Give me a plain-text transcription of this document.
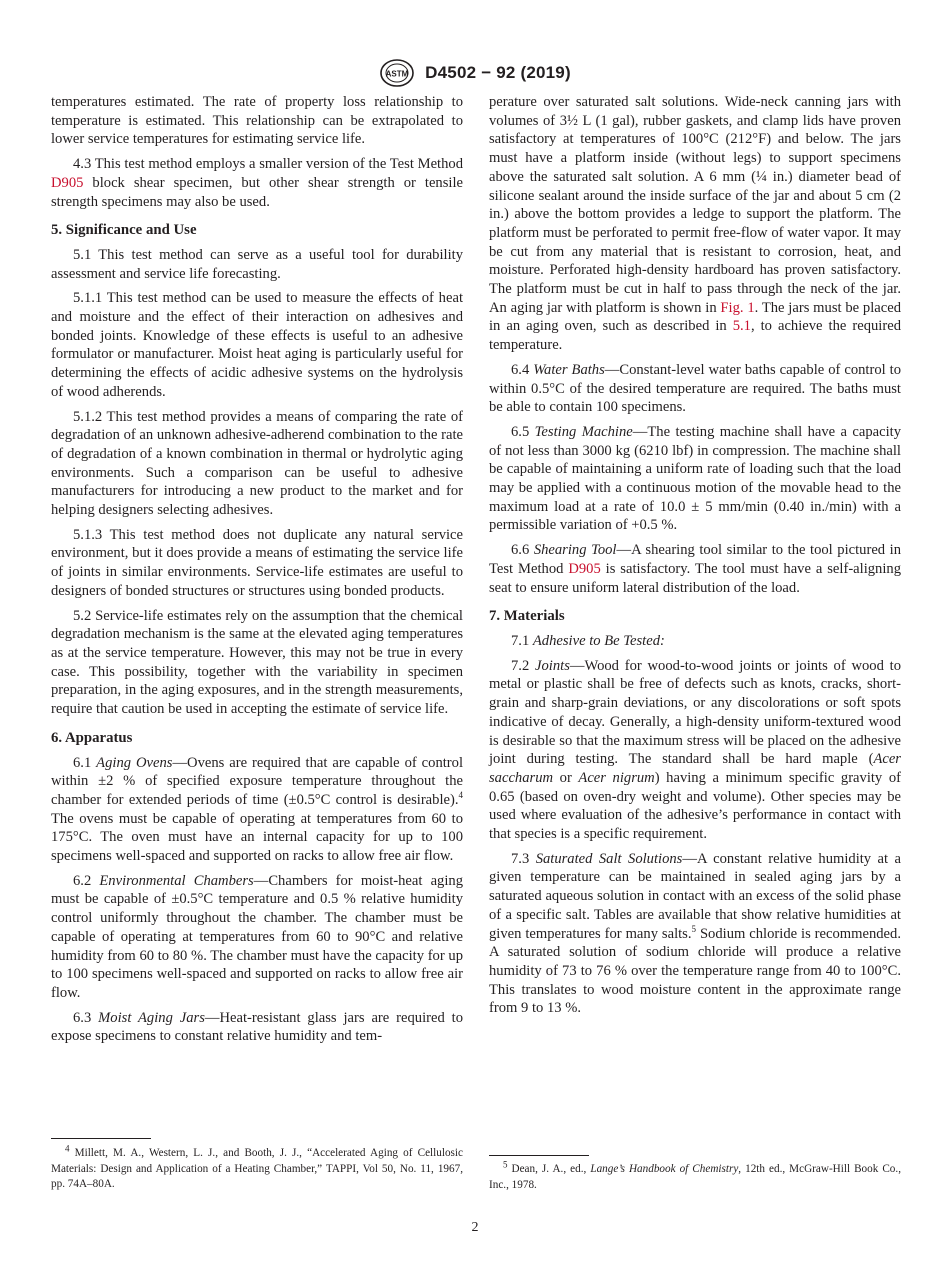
ASTM D4502 − 92 (2019)

temperatures estimated. The rate of property loss relationship to temperature is estimated. This relationship can be extrapolated to lower service temperatures for estimating service life.

4.3 This test method employs a smaller version of the Test Method D905 block shear specimen, but other shear strength or tensile strength specimens may also be used.

5. Significance and Use

5.1 This test method can serve as a useful tool for durability assessment and service life forecasting.

5.1.1 This test method can be used to measure the effects of heat and moisture and the effect of their interaction on adhesives and bonded joints. Knowledge of these effects is useful to an adhesive formulator or manufacturer. Moist heat aging is particularly useful for determining the effects of acidic adhesive systems on the hydrolysis of wood adherends.

5.1.2 This test method provides a means of comparing the rate of degradation of an unknown adhesive-adherend combination to the rate of degradation of a known combination in thermal or hydrolytic aging environments. Such a comparison can be useful to adhesive manufacturers for introducing a new product to the market and for helping designers selecting adhesives.

5.1.3 This test method does not duplicate any natural service environment, but it does provide a means of estimating the service life of joints in similar environments. Service-life estimates are useful to designers of bonded structures or structures using bonded products.

5.2 Service-life estimates rely on the assumption that the chemical degradation mechanism is the same at the elevated aging temperatures as at the service temperature. However, this may not be true in every case. This possibility, together with the variability in specimen preparation, in the aging exposures, and in the strength measurements, require that caution be used in accepting the estimate of service life.

6. Apparatus

6.1 Aging Ovens—Ovens are required that are capable of control within ±2 % of specified exposure temperature throughout the chamber for extended periods of time (±0.5°C control is desirable).$^4$ The ovens must be capable of operating at temperatures from 60 to 175°C. The oven must have an internal capacity for up to 100 specimens well-spaced and supported on racks to allow free air flow.

6.2 Environmental Chambers—Chambers for moist-heat aging must be capable of ±0.5°C temperature and 0.5 % relative humidity control uniformly throughout the chamber. The chamber must be capable of operating at temperatures from 60 to 90°C and relative humidity from 60 to 80 %. The chamber must have the capacity for up to 100 specimens well-spaced and supported on racks to allow free air flow.

6.3 Moist Aging Jars—Heat-resistant glass jars are required to expose specimens to constant relative humidity and tem-

$^4$ Millett, M. A., Western, L. J., and Booth, J. J., “Accelerated Aging of Cellulosic Materials: Design and Application of a Heating Chamber,” TAPPI, Vol 50, No. 11, 1967, pp. 74A–80A.

perature over saturated salt solutions. Wide-neck canning jars with volumes of 3½ L (1 gal), rubber gaskets, and clamp lids have proven satisfactory at temperatures of 100°C (212°F) and below. The jars must have a platform inside (without legs) to support specimens above the saturated salt solution. A 6 mm (¼ in.) diameter bead of silicone sealant around the inside surface of the jar and about 5 cm (2 in.) above the bottom provides a ledge to support the platform. The platform must be perforated to permit free-flow of water vapor. It may be cut from any material that is resistant to corrosion, heat, and moisture. Perforated high-density hardboard has proven satisfactory. The platform must be cut in half to pass through the neck of the jar. An aging jar with platform is shown in Fig. 1. The jars must be placed in an aging oven, such as described in 5.1, to achieve the required temperature.

6.4 Water Baths—Constant-level water baths capable of control to within 0.5°C of the desired temperature are required. The baths must be able to contain 100 specimens.

6.5 Testing Machine—The testing machine shall have a capacity of not less than 3000 kg (6210 lbf) in compression. The machine shall be capable of maintaining a uniform rate of loading such that the load may be applied with a continuous motion of the movable head to the maximum load at a rate of 10.0 ± 5 mm/min (0.40 in./min) with a permissible variation of +0.5 %.

6.6 Shearing Tool—A shearing tool similar to the tool pictured in Test Method D905 is satisfactory. The tool must have a self-aligning seat to ensure uniform lateral distribution of the load.

7. Materials

7.1 Adhesive to Be Tested:

7.2 Joints—Wood for wood-to-wood joints or joints of wood to metal or plastic shall be free of defects such as knots, cracks, short-grain and sharp-grain deviations, or any discolorations or soft spots indicative of decay. Generally, a high-density uniform-textured wood is desirable so that the maximum stress will be placed on the adhesive joint during testing. The standard shall be hard maple (Acer saccharum or Acer nigrum) having a minimum specific gravity of 0.65 (based on oven-dry weight and volume). Other species may be used where evaluation of the adhesive’s performance in contact with that species is a specific requirement.

7.3 Saturated Salt Solutions—A constant relative humidity at a given temperature can be maintained in sealed aging jars by a saturated aqueous solution in contact with an excess of the solid phase of a specific salt. Tables are available that show relative humidities at given temperatures for many salts.$^5$ Sodium chloride is recommended. A saturated solution of sodium chloride will produce a relative humidity of 73 to 76 % over the temperature range from 40 to 100°C. This translates to wood moisture content in the approximate range from 9 to 13 %.

$^5$ Dean, J. A., ed., Lange’s Handbook of Chemistry, 12th ed., McGraw-Hill Book Co., Inc., 1978.
2
